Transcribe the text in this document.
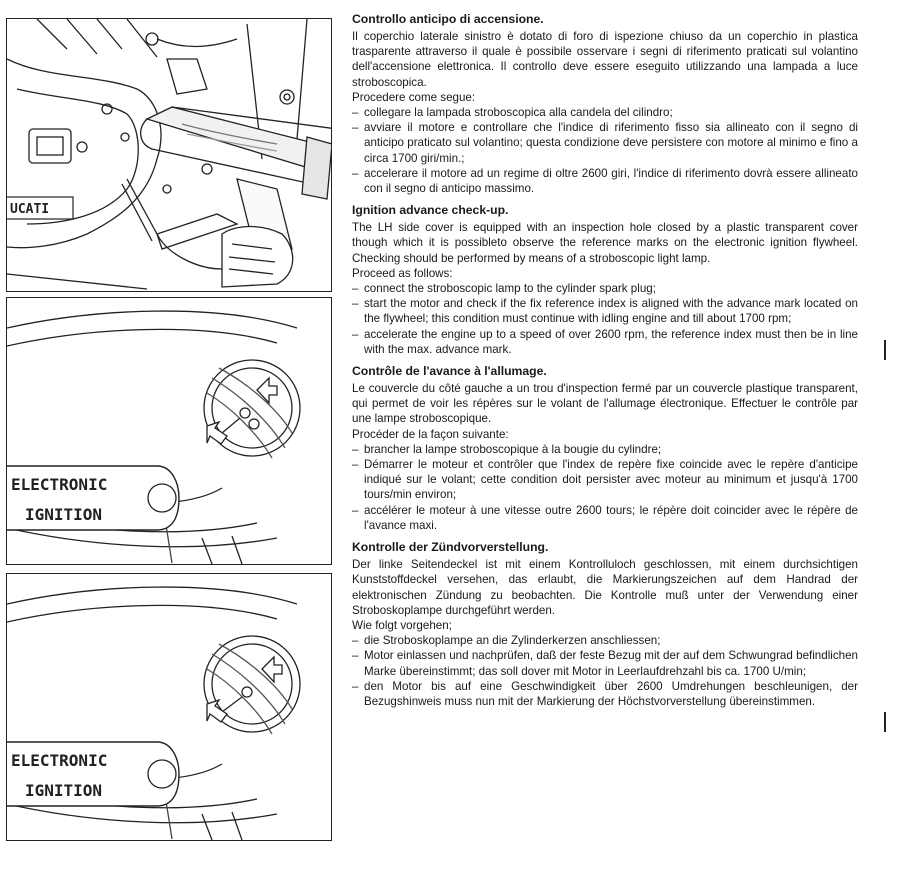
UCATI
ELECTRONIC
IGNITION
ELECTRONIC
IGNITION
Controllo anticipo di accensione.

Il coperchio laterale sinistro è dotato di foro di ispezione chiuso da un coperchio in plastica trasparente attraverso il quale è possibile osservare i segni di riferimento praticati sul volantino dell'accensione elettronica. Il controllo deve essere eseguito utilizzando una lampada a luce stroboscopica.

Procedere come segue:

– collegare la lampada stroboscopica alla candela del cilindro;
– avviare il motore e controllare che l'indice di riferimento fisso sia allineato con il segno di anticipo praticato sul volantino; questa condizione deve persistere con motore al minimo e fino a circa 1700 giri/min.;
– accelerare il motore ad un regime di oltre 2600 giri, l'indice di riferimento dovrà essere allineato con il segno di anticipo massimo.
Ignition advance check-up.

The LH side cover is equipped with an inspection hole closed by a plastic transparent cover though which it is possibleto observe the reference marks on the electronic ignition flywheel. Checking should be performed by means of a stroboscopic light lamp.

Proceed as follows:

– connect the stroboscopic lamp to the cylinder spark plug;
– start the motor and check if the fix reference index is aligned with the advance mark located on the flywheel; this condition must continue with idling engine and till about 1700 rpm;
– accelerate the engine up to a speed of over 2600 rpm, the reference index must then be in line with the max. advance mark.
Contrôle de l'avance à l'allumage.

Le couvercle du côté gauche a un trou d'inspection fermé par un couvercle plastique transparent, qui permet de voir les répères sur le volant de l'allumage électronique. Effectuer le contrôle par une lampe stroboscopique.

Procéder de la façon suivante:

– brancher la lampe stroboscopique à la bougie du cylindre;
– Démarrer le moteur et contrôler que l'index de repère fixe coincide avec le repère d'anticipe indiqué sur le volant; cette condition doit persister avec moteur au minimum et jusqu'à 1700 tours/min environ;
– accélérer le moteur à une vitesse outre 2600 tours; le répère doit coincider avec le répère de l'avance maxi.
Kontrolle der Zündvorverstellung.

Der linke Seitendeckel ist mit einem Kontrolluloch geschlossen, mit einem durchsichtigen Kunststoffdeckel versehen, das erlaubt, die Markierungszeichen auf dem Handrad der elektronischen Zündung zu beobachten. Die Kontrolle muß unter der Verwendung einer Stroboskoplampe durchgeführt werden.

Wie folgt vorgehen;

– die Stroboskoplampe an die Zylinderkerzen anschliessen;
– Motor einlassen und nachprüfen, daß der feste Bezug mit der auf dem Schwungrad befindlichen Marke übereinstimmt; das soll dover mit Motor in Leerlaufdrehzahl bis ca. 1700 U/min;
– den Motor bis auf eine Geschwindigkeit über 2600 Umdrehungen beschleunigen, der Bezugshinweis muss nun mit der Markierung der Höchstvorverstellung übereinstimmen.
